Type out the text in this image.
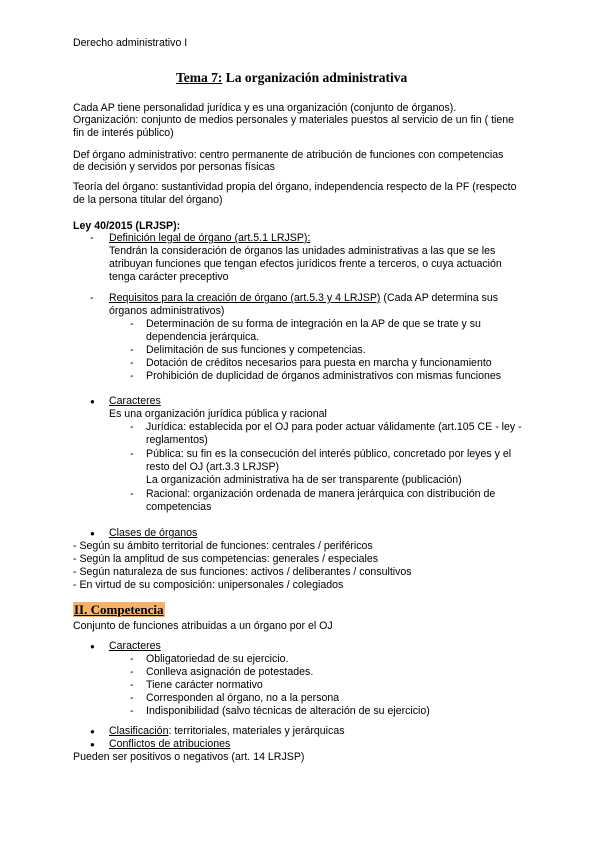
Derecho administrativo I
Tema 7: La organización administrativa
Cada AP tiene personalidad jurídica y es una organización (conjunto de órganos).
Organización: conjunto de medios personales y materiales puestos al servicio de un fin ( tiene
fin de interés público)
Def órgano administrativo: centro permanente de atribución de funciones con competencias
de decisión y servidos por personas físicas
Teoría del órgano: sustantividad propia del órgano, independencia respecto de la PF (respecto
de la persona titular del órgano)
Ley 40/2015 (LRJSP):
- Definición legal de órgano (art.5.1 LRJSP):
Tendrán la consideración de órganos las unidades administrativas a las que se les
atribuyan funciones que tengan efectos jurídicos frente a terceros, o cuya actuación
tenga carácter preceptivo
- Requisitos para la creación de órgano (art.5.3 y 4 LRJSP) (Cada AP determina sus
órganos administrativos)
- Determinación de su forma de integración en la AP de que se trate y su
dependencia jerárquica.
- Delimitación de sus funciones y competencias.
- Dotación de créditos necesarios para puesta en marcha y funcionamiento
- Prohibición de duplicidad de órganos administrativos con mismas funciones
● Caracteres
Es una organización jurídica pública y racional
- Jurídica: establecida por el OJ para poder actuar válidamente (art.105 CE - ley -
reglamentos)
- Pública: su fin es la consecución del interés público, concretado por leyes y el
resto del OJ (art.3.3 LRJSP)
La organización administrativa ha de ser transparente (publicación)
- Racional: organización ordenada de manera jerárquica con distribución de
competencias
● Clases de órganos
- Según su ámbito territorial de funciones: centrales / periféricos
- Según la amplitud de sus competencias: generales / especiales
- Según naturaleza de sus funciones: activos / deliberantes / consultivos
- En virtud de su composición: unipersonales / colegiados
II. Competencia
Conjunto de funciones atribuidas a un órgano por el OJ
● Caracteres
- Obligatoriedad de su ejercicio.
- Conlleva asignación de potestades.
- Tiene carácter normativo
- Corresponden al órgano, no a la persona
- Indisponibilidad (salvo técnicas de alteración de su ejercicio)
● Clasificación: territoriales, materiales y jerárquicas
● Conflictos de atribuciones
Pueden ser positivos o negativos (art. 14 LRJSP)
